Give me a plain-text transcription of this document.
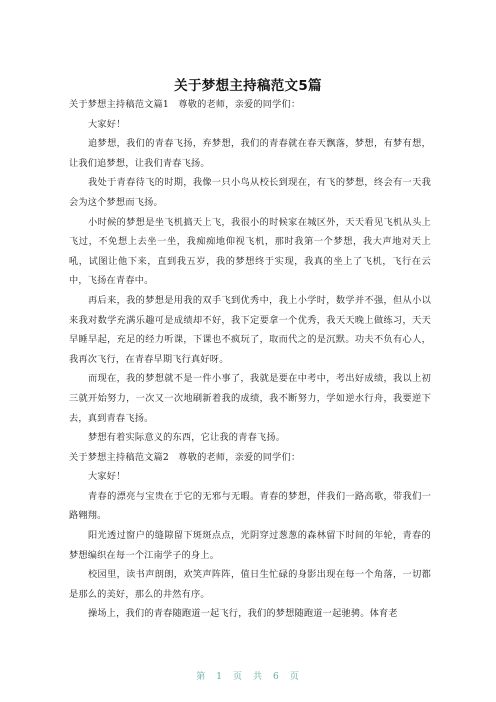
关于梦想主持稿范文5篇

关于梦想主持稿范文篇1　尊敬的老师，亲爱的同学们：

大家好！

追梦想，我们的青春飞扬，弃梦想，我们的青春就在春天飘落，梦想，有梦有想，让我们追梦想，让我们青春飞扬。

我处于青春待飞的时期，我像一只小鸟从校长到现在，有飞的梦想，终会有一天我会为这个梦想而飞扬。

小时候的梦想是坐飞机搞天上飞，我很小的时候家在城区外，天天看见飞机从头上飞过，不免想上去坐一坐，我痴痴地仰视飞机，那时我第一个梦想，我大声地对天上吼，试图让他下来，直到我五岁，我的梦想终于实现，我真的坐上了飞机，飞行在云中，飞扬在青春中。

再后来，我的梦想是用我的双手飞到优秀中，我上小学时，数学并不强，但从小以来我对数学充满乐趣可是成绩却不好，我下定要拿一个优秀，我天天晚上做练习，天天早睡早起，充足的经力听课，下课也不疯玩了，取而代之的是沉默。功夫不负有心人，我再次飞行，在青春早期飞行真好呀。

而现在，我的梦想就不是一件小事了，我就是要在中考中，考出好成绩，我以上初三就开始努力，一次又一次地刷新着我的成绩，我不断努力，学如逆水行舟，我要逆下去，真到青春飞扬。

梦想有着实际意义的东西，它让我的青春飞扬。

关于梦想主持稿范文篇2　尊敬的老师，亲爱的同学们：

大家好！

青春的漂亮与宝贵在于它的无邪与无暇。青春的梦想，伴我们一路高歌，带我们一路翱翔。

阳光透过窗户的缝隙留下斑斑点点，光阴穿过葱葱的森林留下时间的年轮，青春的梦想编织在每一个江南学子的身上。

校园里，读书声朗朗，欢笑声阵阵，值日生忙碌的身影出现在每一个角落，一切都是那么的美好，那么的井然有序。

操场上，我们的青春随跑道一起飞行，我们的梦想随跑道一起驰骋。体育老

第　1　页　共　6　页
